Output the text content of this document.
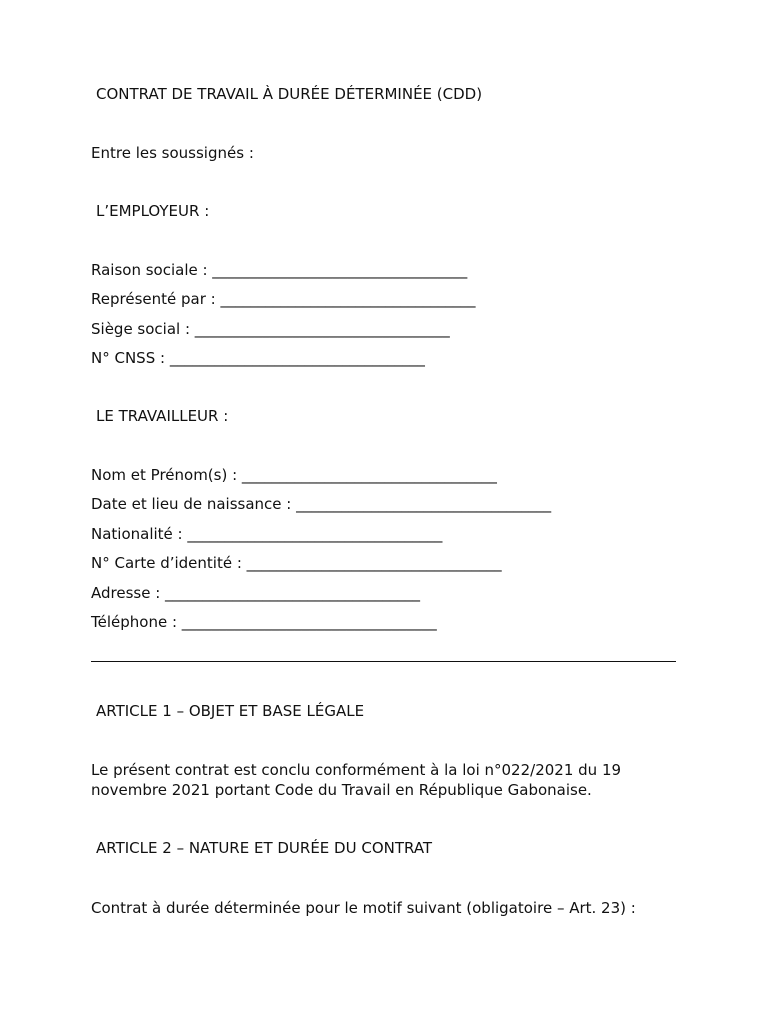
CONTRAT DE TRAVAIL À DURÉE DÉTERMINÉE (CDD)
Entre les soussignés :
L’EMPLOYEUR :
Raison sociale : __________________________________
Représenté par : __________________________________
Siège social : __________________________________
N° CNSS : __________________________________
LE TRAVAILLEUR :
Nom et Prénom(s) : __________________________________
Date et lieu de naissance : __________________________________
Nationalité : __________________________________
N° Carte d’identité : __________________________________
Adresse : __________________________________
Téléphone : __________________________________
ARTICLE 1 – OBJET ET BASE LÉGALE
Le présent contrat est conclu conformément à la loi n°022/2021 du 19 novembre 2021 portant Code du Travail en République Gabonaise.
ARTICLE 2 – NATURE ET DURÉE DU CONTRAT
Contrat à durée déterminée pour le motif suivant (obligatoire – Art. 23) :
